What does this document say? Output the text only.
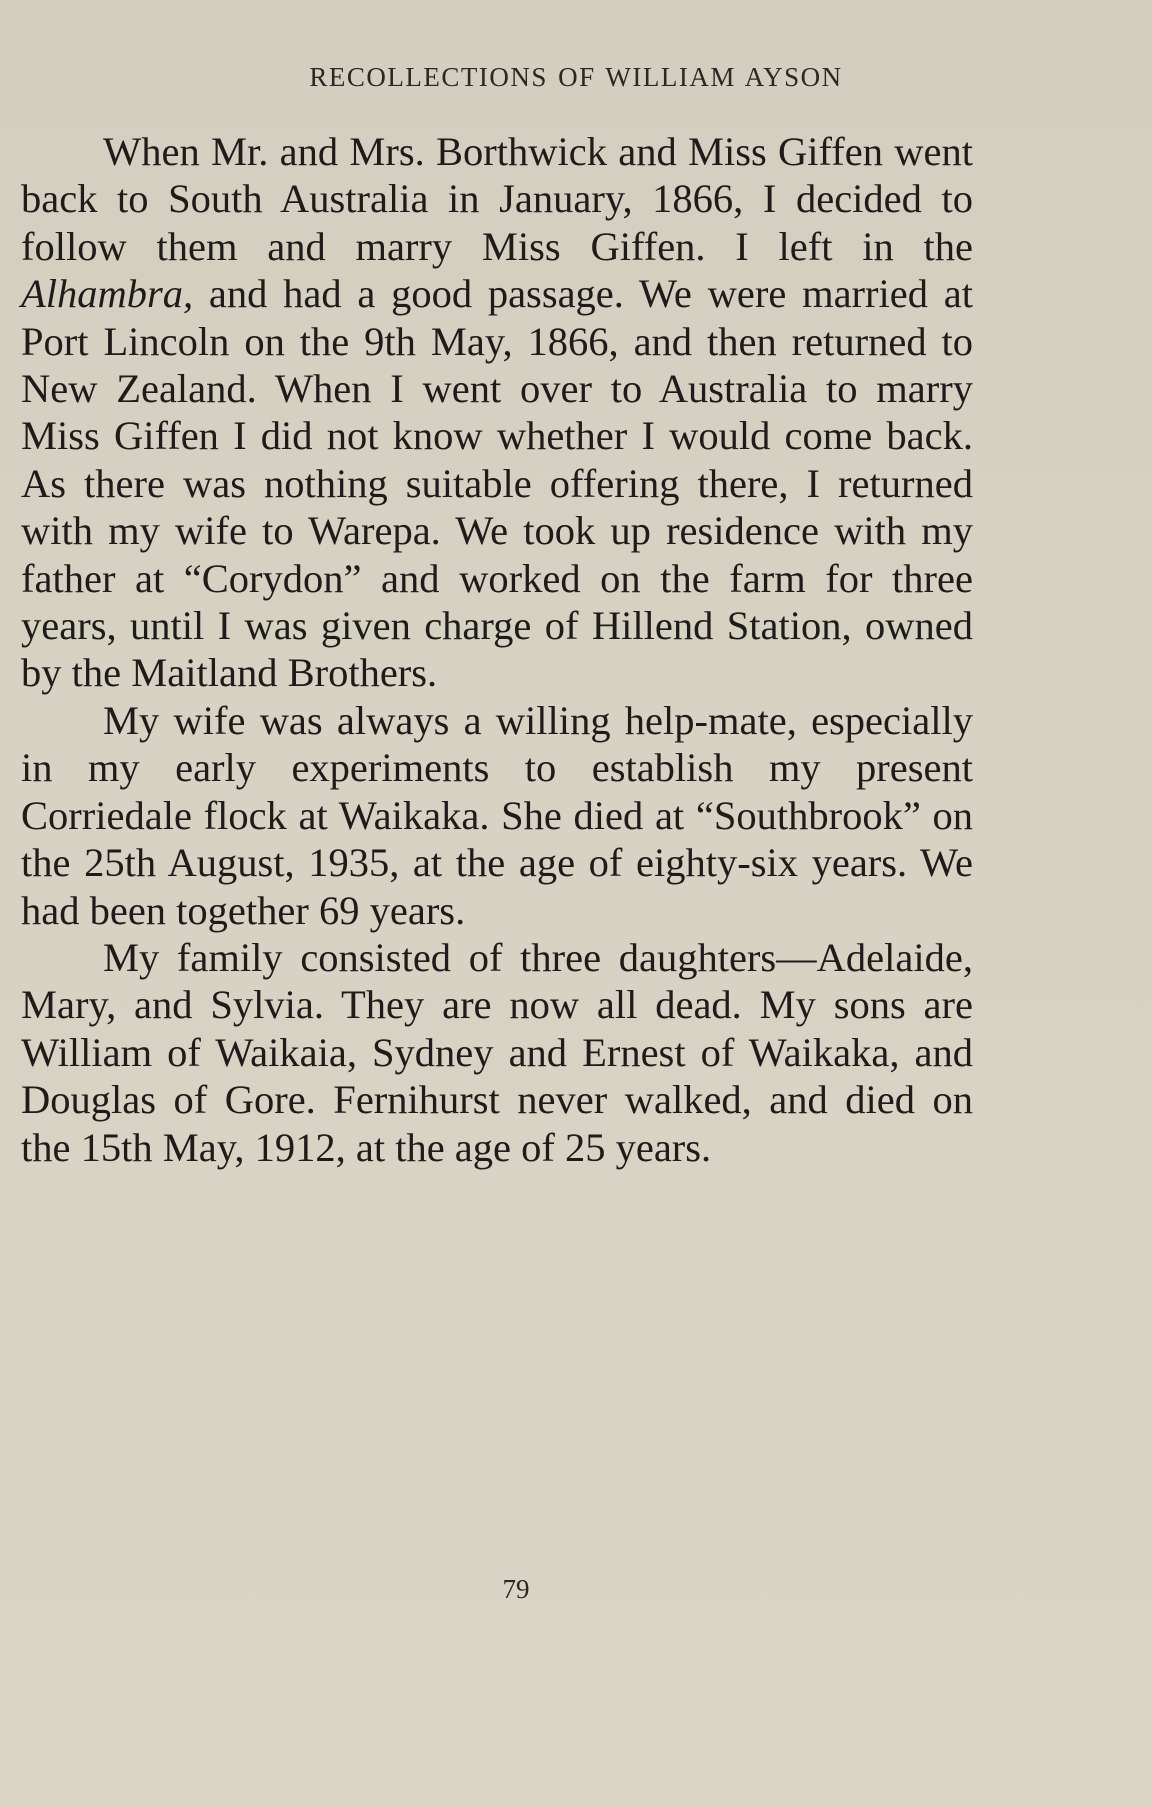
RECOLLECTIONS OF WILLIAM AYSON

When Mr. and Mrs. Borthwick and Miss Giffen went back to South Australia in January, 1866, I decided to follow them and marry Miss Giffen. I left in the Alhambra, and had a good passage. We were married at Port Lincoln on the 9th May, 1866, and then returned to New Zealand. When I went over to Australia to marry Miss Giffen I did not know whether I would come back. As there was nothing suitable offering there, I returned with my wife to Warepa. We took up residence with my father at “Corydon” and worked on the farm for three years, until I was given charge of Hillend Station, owned by the Maitland Brothers.

My wife was always a willing help-mate, especially in my early experiments to establish my present Corriedale flock at Waikaka. She died at “Southbrook” on the 25th August, 1935, at the age of eighty-six years. We had been together 69 years.

My family consisted of three daughters—Adelaide, Mary, and Sylvia. They are now all dead. My sons are William of Waikaia, Sydney and Ernest of Waikaka, and Douglas of Gore. Fernihurst never walked, and died on the 15th May, 1912, at the age of 25 years.

79
